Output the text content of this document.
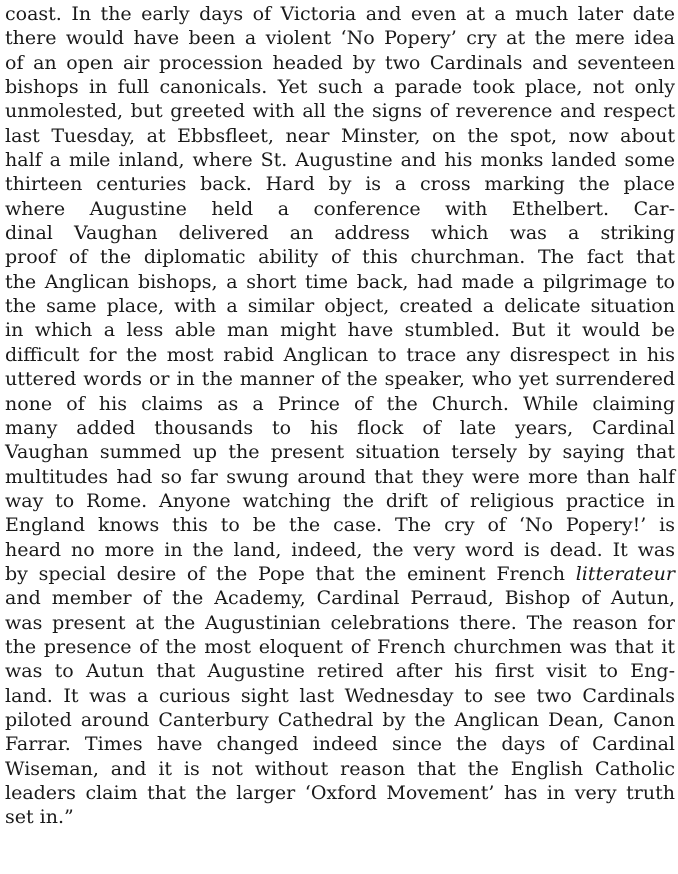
coast. In the early days of Victoria and even at a much later date
there would have been a violent ‘No Popery’ cry at the mere idea
of an open air procession headed by two Cardinals and seventeen
bishops in full canonicals. Yet such a parade took place, not only
unmolested, but greeted with all the signs of reverence and respect
last Tuesday, at Ebbsfleet, near Minster, on the spot, now about
half a mile inland, where St. Augustine and his monks landed some
thirteen centuries back. Hard by is a cross marking the place
where Augustine held a conference with Ethelbert. Car-
dinal Vaughan delivered an address which was a striking
proof of the diplomatic ability of this churchman. The fact that
the Anglican bishops, a short time back, had made a pilgrimage to
the same place, with a similar object, created a delicate situation
in which a less able man might have stumbled. But it would be
difficult for the most rabid Anglican to trace any disrespect in his
uttered words or in the manner of the speaker, who yet surrendered
none of his claims as a Prince of the Church. While claiming
many added thousands to his flock of late years, Cardinal
Vaughan summed up the present situation tersely by saying that
multitudes had so far swung around that they were more than half
way to Rome. Anyone watching the drift of religious practice in
England knows this to be the case. The cry of ‘No Popery!’ is
heard no more in the land, indeed, the very word is dead. It was
by special desire of the Pope that the eminent French litterateur
and member of the Academy, Cardinal Perraud, Bishop of Autun,
was present at the Augustinian celebrations there. The reason for
the presence of the most eloquent of French churchmen was that it
was to Autun that Augustine retired after his first visit to Eng-
land. It was a curious sight last Wednesday to see two Cardinals
piloted around Canterbury Cathedral by the Anglican Dean, Canon
Farrar. Times have changed indeed since the days of Cardinal
Wiseman, and it is not without reason that the English Catholic
leaders claim that the larger ‘Oxford Movement’ has in very truth
set in.”
